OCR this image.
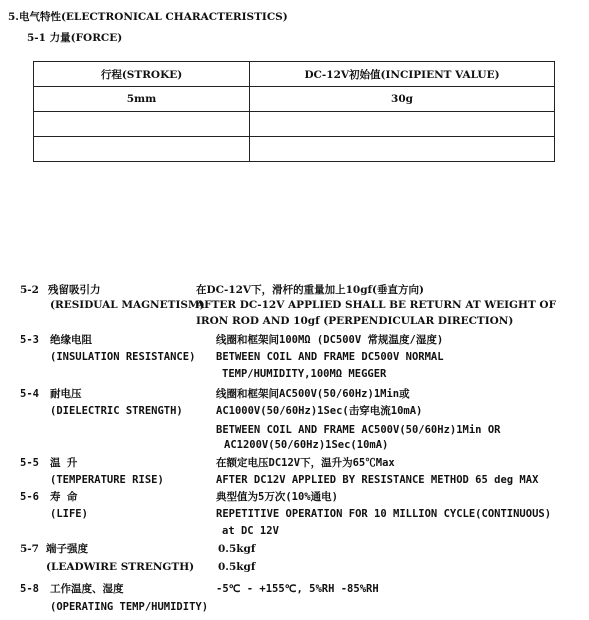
5.电气特性(ELECTRONICAL CHARACTERISTICS)
5-1 力量(FORCE)
行程(STROKE)	DC-12V初始值(INCIPIENT VALUE)
5mm	30g

5-2 残留吸引力
(RESIDUAL MAGNETISM)
在DC-12V下，滑杆的重量加上10gf(垂直方向)
AFTER DC-12V APPLIED SHALL BE RETURN AT WEIGHT OF
IRON ROD AND 10gf (PERPENDICULAR DIRECTION)
5-3 绝缘电阻
(INSULATION RESISTANCE)
线圈和框架间100MΩ (DC500V 常规温度/湿度)
BETWEEN COIL AND FRAME DC500V NORMAL
TEMP/HUMIDITY,100MΩ MEGGER
5-4 耐电压
(DIELECTRIC STRENGTH)
线圈和框架间AC500V(50/60Hz)1Min或
AC1000V(50/60Hz)1Sec(击穿电流10mA)
BETWEEN COIL AND FRAME AC500V(50/60Hz)1Min OR
AC1200V(50/60Hz)1Sec(10mA)
5-5 温 升
(TEMPERATURE RISE)
在额定电压DC12V下，温升为65℃Max
AFTER DC12V APPLIED BY RESISTANCE METHOD 65 deg MAX
5-6 寿 命
(LIFE)
典型值为5万次(10%通电)
REPETITIVE OPERATION FOR 10 MILLION CYCLE(CONTINUOUS)
at DC 12V
5-7 端子强度
(LEADWIRE STRENGTH)
0.5kgf
0.5kgf
5-8 工作温度、湿度
(OPERATING TEMP/HUMIDITY)
-5℃ - +155℃, 5%RH -85%RH
